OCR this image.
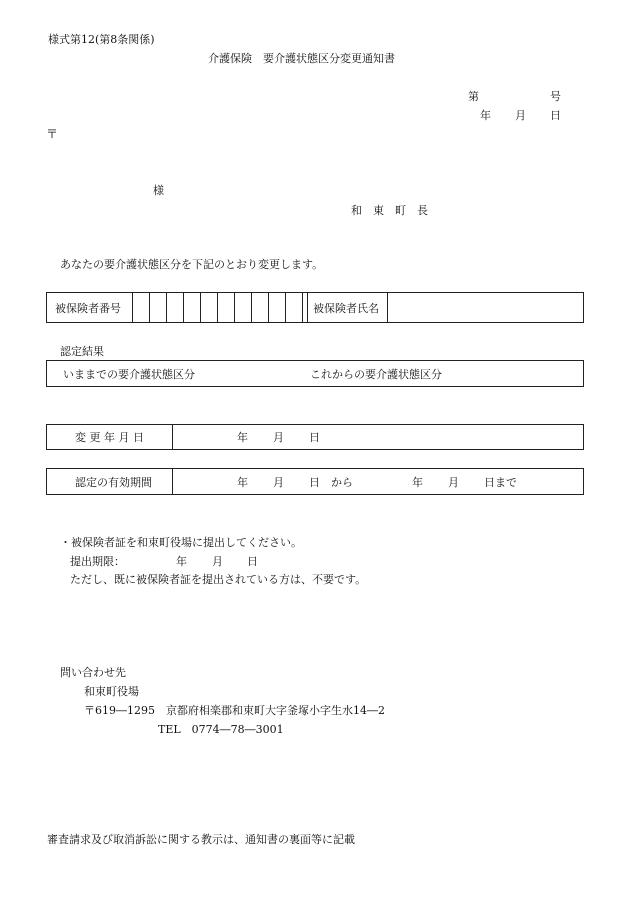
様式第12(第8条関係)
介護保険　要介護状態区分変更通知書
第	号
年 月 日
〒
様
和　東　町　長
あなたの要介護状態区分を下記のとおり変更します。
被保険者番号	被保険者氏名
認定結果
いままでの要介護状態区分	これからの要介護状態区分
変 更 年 月 日	年 月 日
認定の有効期間	年 月 日　から	年 月 日まで
・被保険者証を和束町役場に提出してください。
提出期限：	年 月 日
ただし、既に被保険者証を提出されている方は、不要です。
問い合わせ先
和束町役場
〒619―1295　京都府相楽郡和束町大字釜塚小字生水14―2
TEL　0774―78―3001
審査請求及び取消訴訟に関する教示は、通知書の裏面等に記載
